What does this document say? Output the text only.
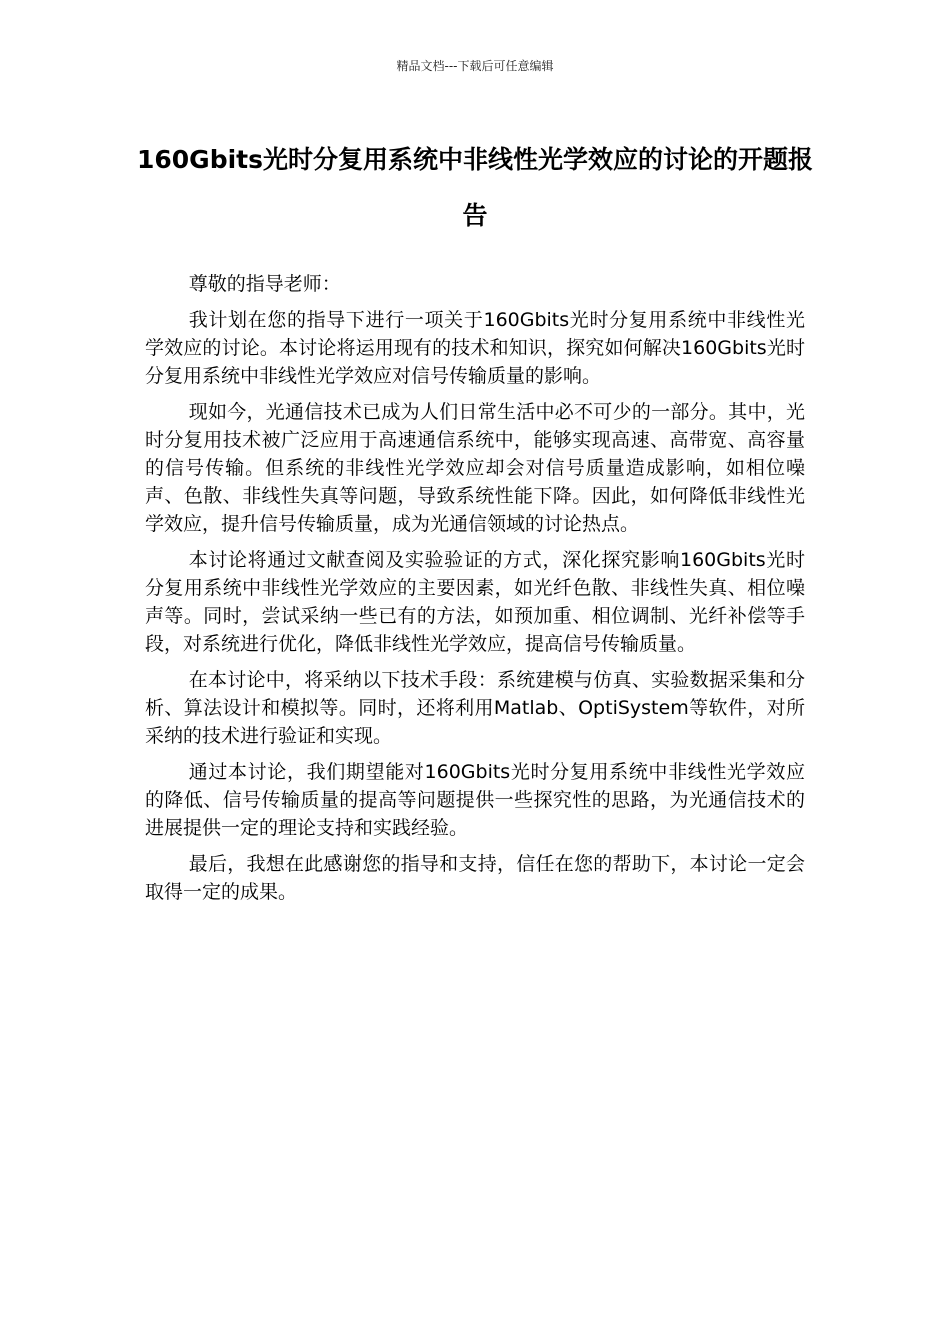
精品文档---下载后可任意编辑
160Gbits光时分复用系统中非线性光学效应的讨论的开题报告

尊敬的指导老师：

我计划在您的指导下进行一项关于160Gbits光时分复用系统中非线性光学效应的讨论。本讨论将运用现有的技术和知识，探究如何解决160Gbits光时分复用系统中非线性光学效应对信号传输质量的影响。

现如今，光通信技术已成为人们日常生活中必不可少的一部分。其中，光时分复用技术被广泛应用于高速通信系统中，能够实现高速、高带宽、高容量的信号传输。但系统的非线性光学效应却会对信号质量造成影响，如相位噪声、色散、非线性失真等问题，导致系统性能下降。因此，如何降低非线性光学效应，提升信号传输质量，成为光通信领域的讨论热点。

本讨论将通过文献查阅及实验验证的方式，深化探究影响160Gbits光时分复用系统中非线性光学效应的主要因素，如光纤色散、非线性失真、相位噪声等。同时，尝试采纳一些已有的方法，如预加重、相位调制、光纤补偿等手段，对系统进行优化，降低非线性光学效应，提高信号传输质量。

在本讨论中，将采纳以下技术手段：系统建模与仿真、实验数据采集和分析、算法设计和模拟等。同时，还将利用Matlab、OptiSystem等软件，对所采纳的技术进行验证和实现。

通过本讨论，我们期望能对160Gbits光时分复用系统中非线性光学效应的降低、信号传输质量的提高等问题提供一些探究性的思路，为光通信技术的进展提供一定的理论支持和实践经验。

最后，我想在此感谢您的指导和支持，信任在您的帮助下，本讨论一定会取得一定的成果。
